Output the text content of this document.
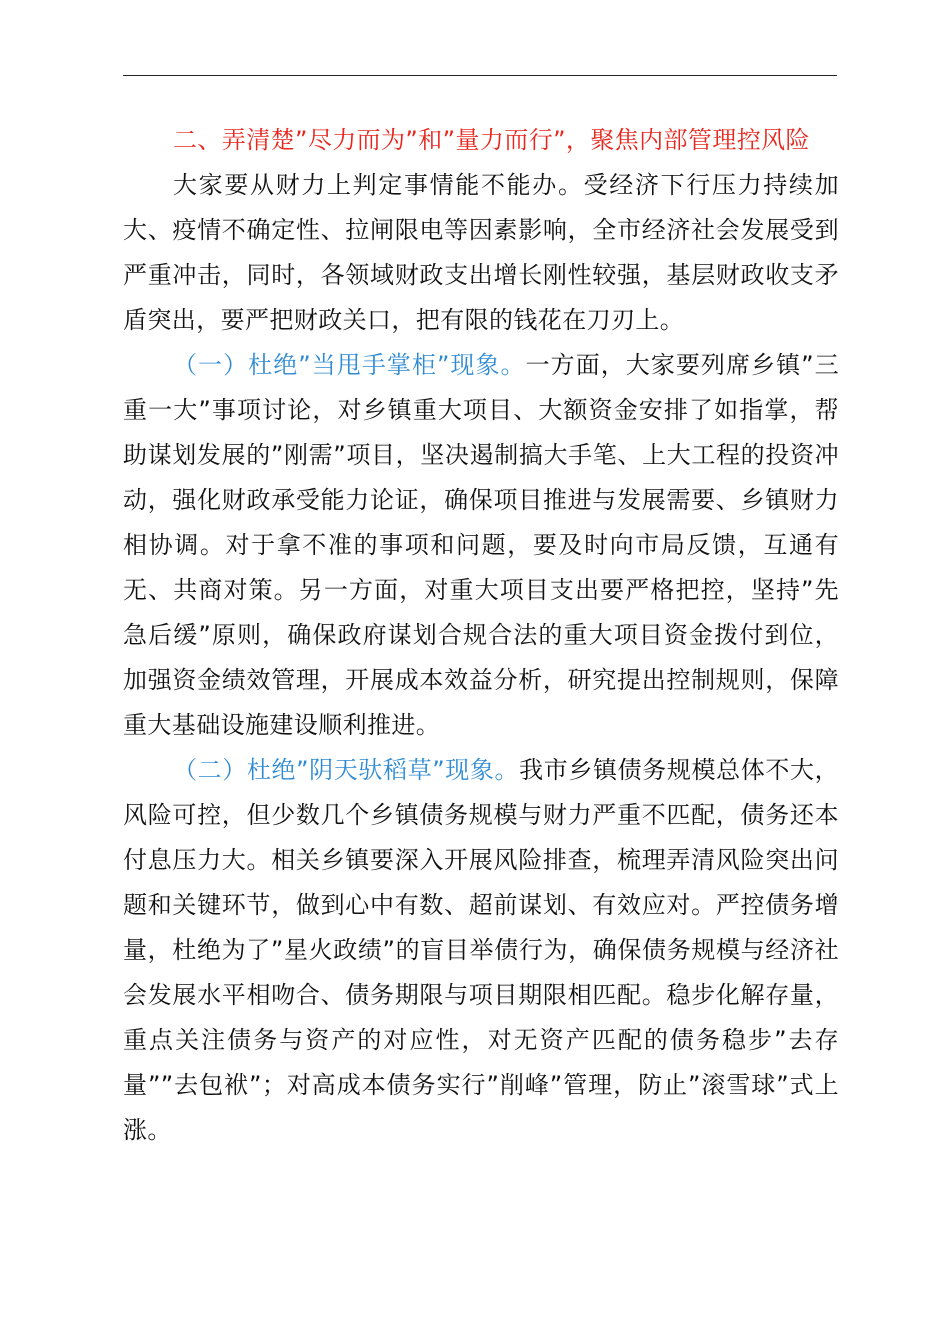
二、弄清楚”尽力而为”和”量力而行”，聚焦内部管理控风险

大家要从财力上判定事情能不能办。受经济下行压力持续加大、疫情不确定性、拉闸限电等因素影响，全市经济社会发展受到严重冲击，同时，各领域财政支出增长刚性较强，基层财政收支矛盾突出，要严把财政关口，把有限的钱花在刀刃上。

（一）杜绝”当甩手掌柜”现象。一方面，大家要列席乡镇”三重一大”事项讨论，对乡镇重大项目、大额资金安排了如指掌，帮助谋划发展的”刚需”项目，坚决遏制搞大手笔、上大工程的投资冲动，强化财政承受能力论证，确保项目推进与发展需要、乡镇财力相协调。对于拿不准的事项和问题，要及时向市局反馈，互通有无、共商对策。另一方面，对重大项目支出要严格把控，坚持”先急后缓”原则，确保政府谋划合规合法的重大项目资金拨付到位，加强资金绩效管理，开展成本效益分析，研究提出控制规则，保障重大基础设施建设顺利推进。

（二）杜绝”阴天驮稻草”现象。我市乡镇债务规模总体不大，风险可控，但少数几个乡镇债务规模与财力严重不匹配，债务还本付息压力大。相关乡镇要深入开展风险排查，梳理弄清风险突出问题和关键环节，做到心中有数、超前谋划、有效应对。严控债务增量，杜绝为了”星火政绩”的盲目举债行为，确保债务规模与经济社会发展水平相吻合、债务期限与项目期限相匹配。稳步化解存量，重点关注债务与资产的对应性，对无资产匹配的债务稳步”去存量””去包袱”；对高成本债务实行”削峰”管理，防止”滚雪球”式上涨。
